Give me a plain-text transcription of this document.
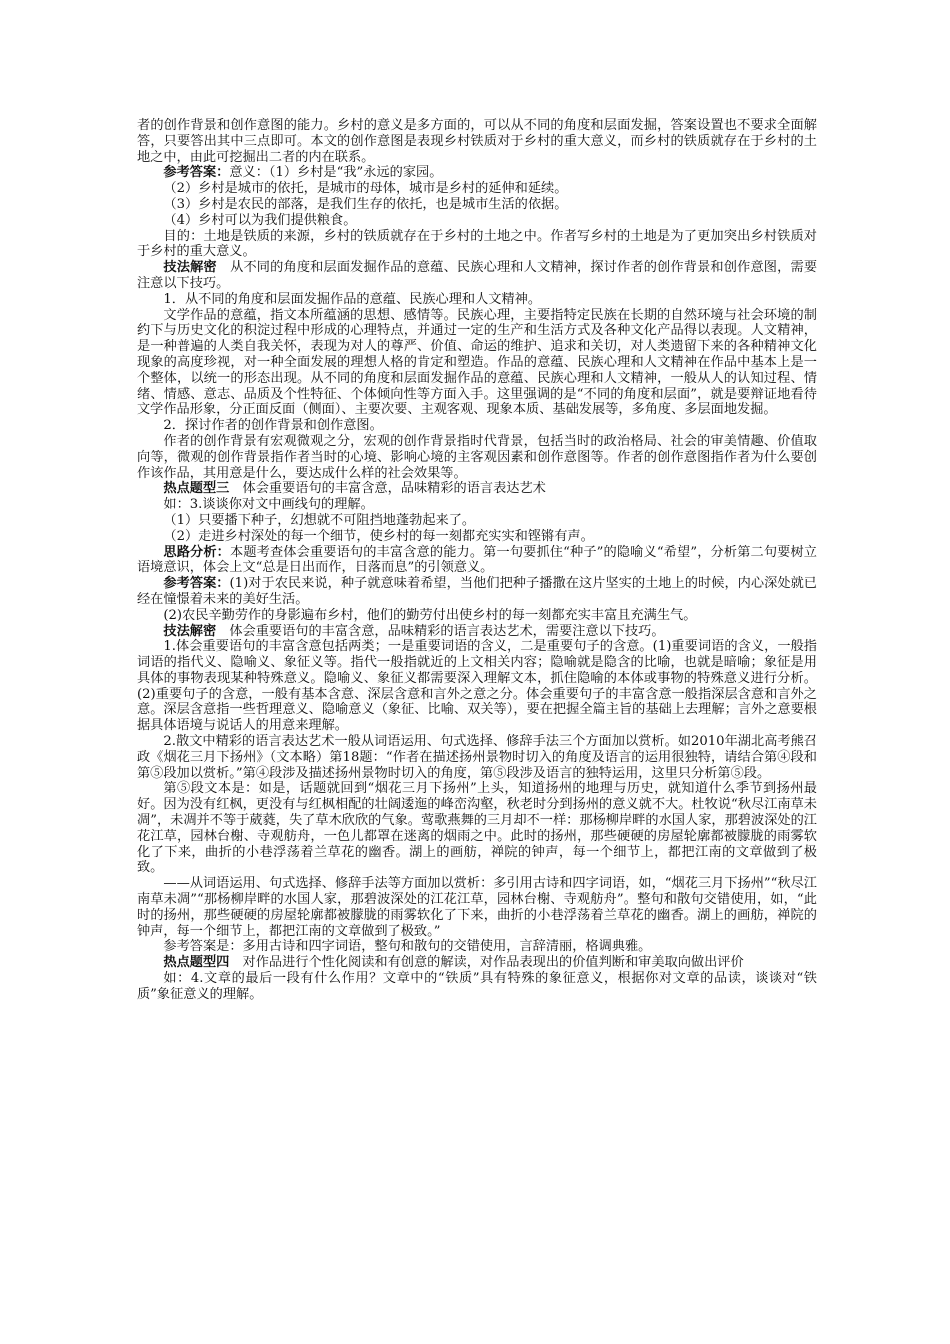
者的创作背景和创作意图的能力。乡村的意义是多方面的，可以从不同的角度和层面发掘，答案设置也不要求全面解答，只要答出其中三点即可。本文的创作意图是表现乡村铁质对于乡村的重大意义，而乡村的铁质就存在于乡村的土地之中，由此可挖掘出二者的内在联系。

参考答案：意义：（1）乡村是“我”永远的家园。

（2）乡村是城市的依托，是城市的母体，城市是乡村的延伸和延续。

（3）乡村是农民的部落，是我们生存的依托，也是城市生活的依据。

（4）乡村可以为我们提供粮食。

目的：土地是铁质的来源，乡村的铁质就存在于乡村的土地之中。作者写乡村的土地是为了更加突出乡村铁质对于乡村的重大意义。

技法解密　从不同的角度和层面发掘作品的意蕴、民族心理和人文精神，探讨作者的创作背景和创作意图，需要注意以下技巧。

1．从不同的角度和层面发掘作品的意蕴、民族心理和人文精神。

文学作品的意蕴，指文本所蕴涵的思想、感情等。民族心理，主要指特定民族在长期的自然环境与社会环境的制约下与历史文化的积淀过程中形成的心理特点，并通过一定的生产和生活方式及各种文化产品得以表现。人文精神，是一种普遍的人类自我关怀，表现为对人的尊严、价值、命运的维护、追求和关切，对人类遗留下来的各种精神文化现象的高度珍视，对一种全面发展的理想人格的肯定和塑造。作品的意蕴、民族心理和人文精神在作品中基本上是一个整体，以统一的形态出现。从不同的角度和层面发掘作品的意蕴、民族心理和人文精神，一般从人的认知过程、情绪、情感、意志、品质及个性特征、个体倾向性等方面入手。这里强调的是“不同的角度和层面”，就是要辩证地看待文学作品形象，分正面反面（侧面）、主要次要、主观客观、现象本质、基础发展等，多角度、多层面地发掘。

2．探讨作者的创作背景和创作意图。

作者的创作背景有宏观微观之分，宏观的创作背景指时代背景，包括当时的政治格局、社会的审美情趣、价值取向等，微观的创作背景指作者当时的心境、影响心境的主客观因素和创作意图等。作者的创作意图指作者为什么要创作该作品，其用意是什么，要达成什么样的社会效果等。

热点题型三　体会重要语句的丰富含意，品味精彩的语言表达艺术

如：3.谈谈你对文中画线句的理解。

（1）只要播下种子，幻想就不可阻挡地蓬勃起来了。

（2）走进乡村深处的每一个细节，使乡村的每一刻都充实实和铿锵有声。

思路分析：本题考查体会重要语句的丰富含意的能力。第一句要抓住“种子”的隐喻义“希望”，分析第二句要树立语境意识，体会上文“总是日出而作，日落而息”的引领意义。

参考答案：(1)对于农民来说，种子就意味着希望，当他们把种子播撒在这片坚实的土地上的时候，内心深处就已经在憧憬着未来的美好生活。

(2)农民辛勤劳作的身影遍布乡村，他们的勤劳付出使乡村的每一刻都充实丰富且充满生气。

技法解密　体会重要语句的丰富含意，品味精彩的语言表达艺术，需要注意以下技巧。

1.体会重要语句的丰富含意包括两类；一是重要词语的含义，二是重要句子的含意。(1)重要词语的含义，一般指词语的指代义、隐喻义、象征义等。指代一般指就近的上文相关内容；隐喻就是隐含的比喻，也就是暗喻；象征是用具体的事物表现某种特殊意义。隐喻义、象征义都需要深入理解文本，抓住隐喻的本体或事物的特殊意义进行分析。(2)重要句子的含意，一般有基本含意、深层含意和言外之意之分。体会重要句子的丰富含意一般指深层含意和言外之意。深层含意指一些哲理意义、隐喻意义（象征、比喻、双关等），要在把握全篇主旨的基础上去理解；言外之意要根据具体语境与说话人的用意来理解。

2.散文中精彩的语言表达艺术一般从词语运用、句式选择、修辞手法三个方面加以赏析。如2010年湖北高考熊召政《烟花三月下扬州》（文本略）第18题：“作者在描述扬州景物时切入的角度及语言的运用很独特，请结合第④段和第⑤段加以赏析。”第④段涉及描述扬州景物时切入的角度，第⑤段涉及语言的独特运用，这里只分析第⑤段。

第⑤段文本是：如是，话题就回到“烟花三月下扬州”上头，知道扬州的地理与历史，就知道什么季节到扬州最好。因为没有红枫，更没有与红枫相配的壮阔逶迤的峰峦沟壑，秋老时分到扬州的意义就不大。杜牧说“秋尽江南草未凋”，未凋并不等于葳蕤，失了草木欣欣的气象。莺歌燕舞的三月却不一样：那杨柳岸畔的水国人家，那碧波深处的江花江草，园林台榭、寺观舫舟，一色儿都罩在迷离的烟雨之中。此时的扬州，那些硬硬的房屋轮廓都被朦胧的雨雾软化了下来，曲折的小巷浮荡着兰草花的幽香。湖上的画舫，禅院的钟声，每一个细节上，都把江南的文章做到了极致。

——从词语运用、句式选择、修辞手法等方面加以赏析：多引用古诗和四字词语，如，“烟花三月下扬州”“秋尽江南草未凋”“那杨柳岸畔的水国人家，那碧波深处的江花江草，园林台榭、寺观舫舟”。整句和散句交错使用，如，“此时的扬州，那些硬硬的房屋轮廓都被朦胧的雨雾软化了下来，曲折的小巷浮荡着兰草花的幽香。湖上的画舫，禅院的钟声，每一个细节上，都把江南的文章做到了极致。”

参考答案是：多用古诗和四字词语，整句和散句的交错使用，言辞清丽，格调典雅。

热点题型四　对作品进行个性化阅读和有创意的解读，对作品表现出的价值判断和审美取向做出评价

如：4.文章的最后一段有什么作用？文章中的“铁质”具有特殊的象征意义，根据你对文章的品读，谈谈对“铁质”象征意义的理解。
